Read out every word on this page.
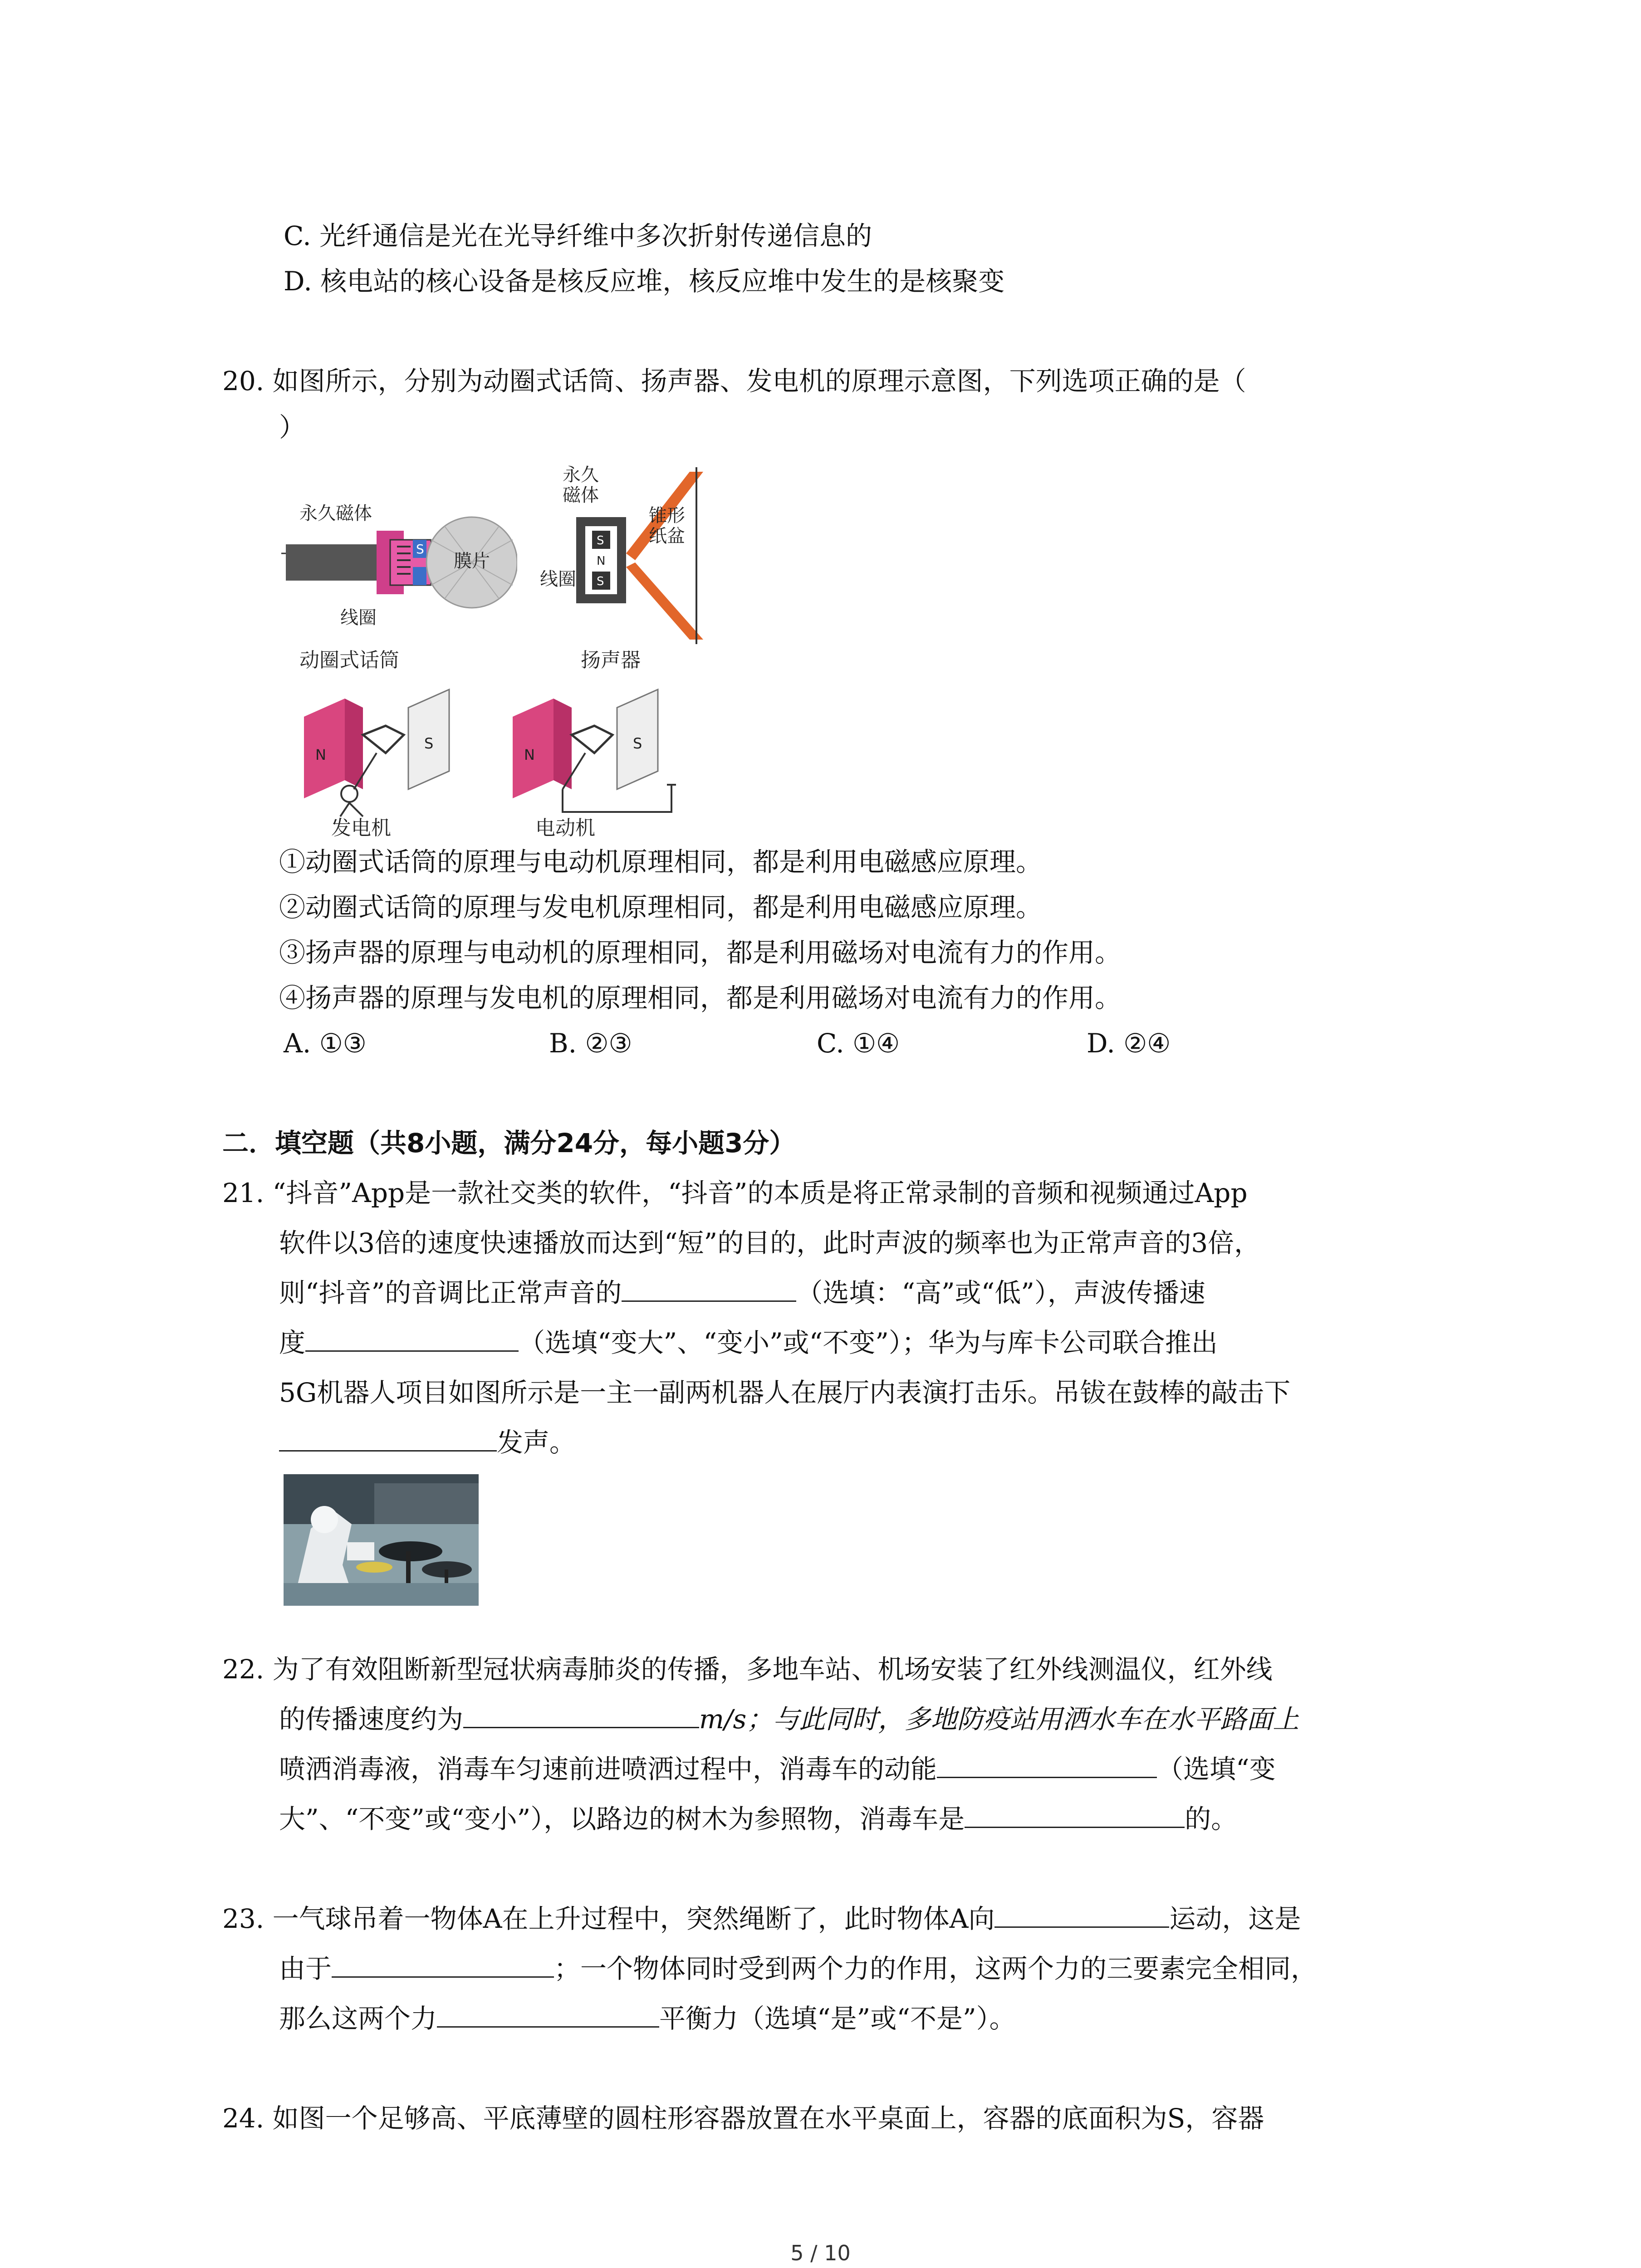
C. 光纤通信是光在光导纤维中多次折射传递信息的
D. 核电站的核心设备是核反应堆，核反应堆中发生的是核聚变
20. 如图所示，分别为动圈式话筒、扬声器、发电机的原理示意图，下列选项正确的是（
）
S
永久磁体
膜片
线圈
动圈式话筒
S
N
S
永久
磁体
锥形
纸盆
线圈
扬声器
N
S
N
S
发电机	电动机
①动圈式话筒的原理与电动机原理相同，都是利用电磁感应原理。
②动圈式话筒的原理与发电机原理相同，都是利用电磁感应原理。
③扬声器的原理与电动机的原理相同，都是利用磁场对电流有力的作用。
④扬声器的原理与发电机的原理相同，都是利用磁场对电流有力的作用。
A. ①③	B. ②③	C. ①④	D. ②④
二．填空题（共8小题，满分24分，每小题3分）
21. “抖音”App是一款社交类的软件，“抖音”的本质是将正常录制的音频和视频通过App
软件以3倍的速度快速播放而达到“短”的目的，此时声波的频率也为正常声音的3倍，
则“抖音”的音调比正常声音的	（选填：“高”或“低”），声波传播速
度	（选填“变大”、“变小”或“不变”）；华为与库卡公司联合推出
5G机器人项目如图所示是一主一副两机器人在展厅内表演打击乐。吊钹在鼓棒的敲击下
发声。
22. 为了有效阻断新型冠状病毒肺炎的传播，多地车站、机场安装了红外线测温仪，红外线
的传播速度约为	m/s；与此同时，多地防疫站用洒水车在水平路面上
喷洒消毒液，消毒车匀速前进喷洒过程中，消毒车的动能	（选填“变
大”、“不变”或“变小”），以路边的树木为参照物，消毒车是	的。
23. 一气球吊着一物体A在上升过程中，突然绳断了，此时物体A向	运动，这是
由于	；一个物体同时受到两个力的作用，这两个力的三要素完全相同，
那么这两个力	平衡力（选填“是”或“不是”）。
24. 如图一个足够高、平底薄壁的圆柱形容器放置在水平桌面上，容器的底面积为S，容器
5 / 10
